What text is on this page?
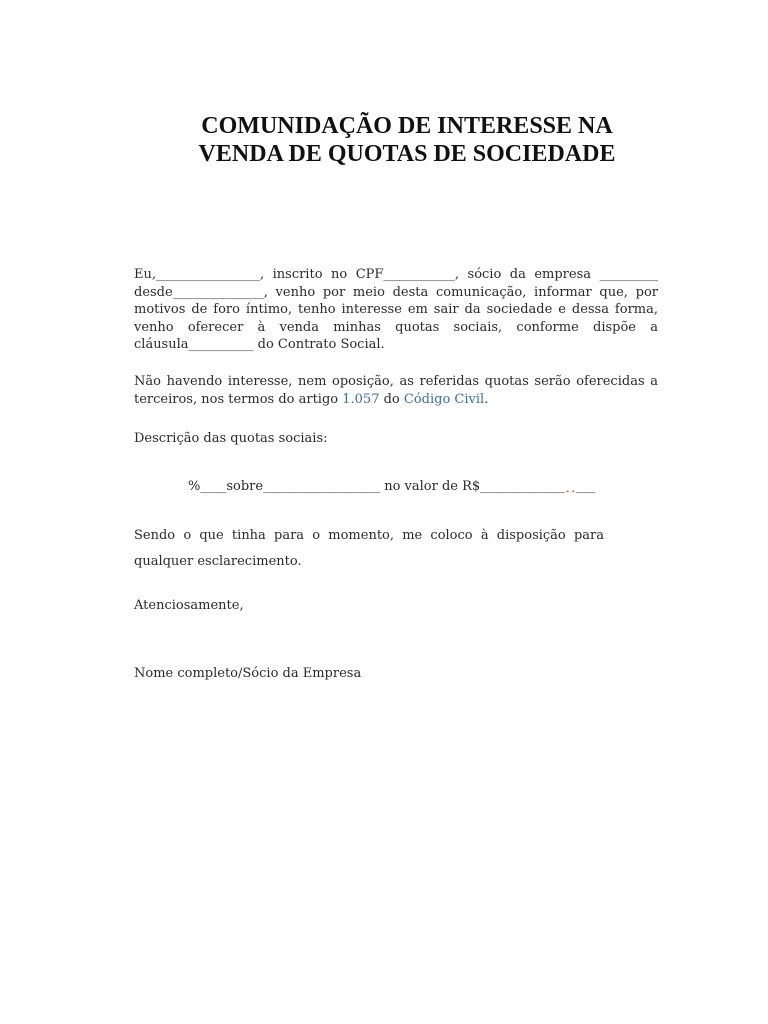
COMUNIDAÇÃO DE INTERESSE NA
VENDA DE QUOTAS DE SOCIEDADE

Eu,________________, inscrito no CPF___________, sócio da empresa _________ desde______________, venho por meio desta comunicação, informar que, por motivos de foro íntimo, tenho interesse em sair da sociedade e dessa forma, venho oferecer à venda minhas quotas sociais, conforme dispõe a cláusula__________ do Contrato Social.

Não havendo interesse, nem oposição, as referidas quotas serão oferecidas a terceiros, nos termos do artigo 1.057 do Código Civil.

Descrição das quotas sociais:

%____sobre__________________ no valor de R$_____________¸¸___

Sendo o que tinha para o momento, me coloco à disposição para qualquer esclarecimento.

Atenciosamente,

Nome completo/Sócio da Empresa
